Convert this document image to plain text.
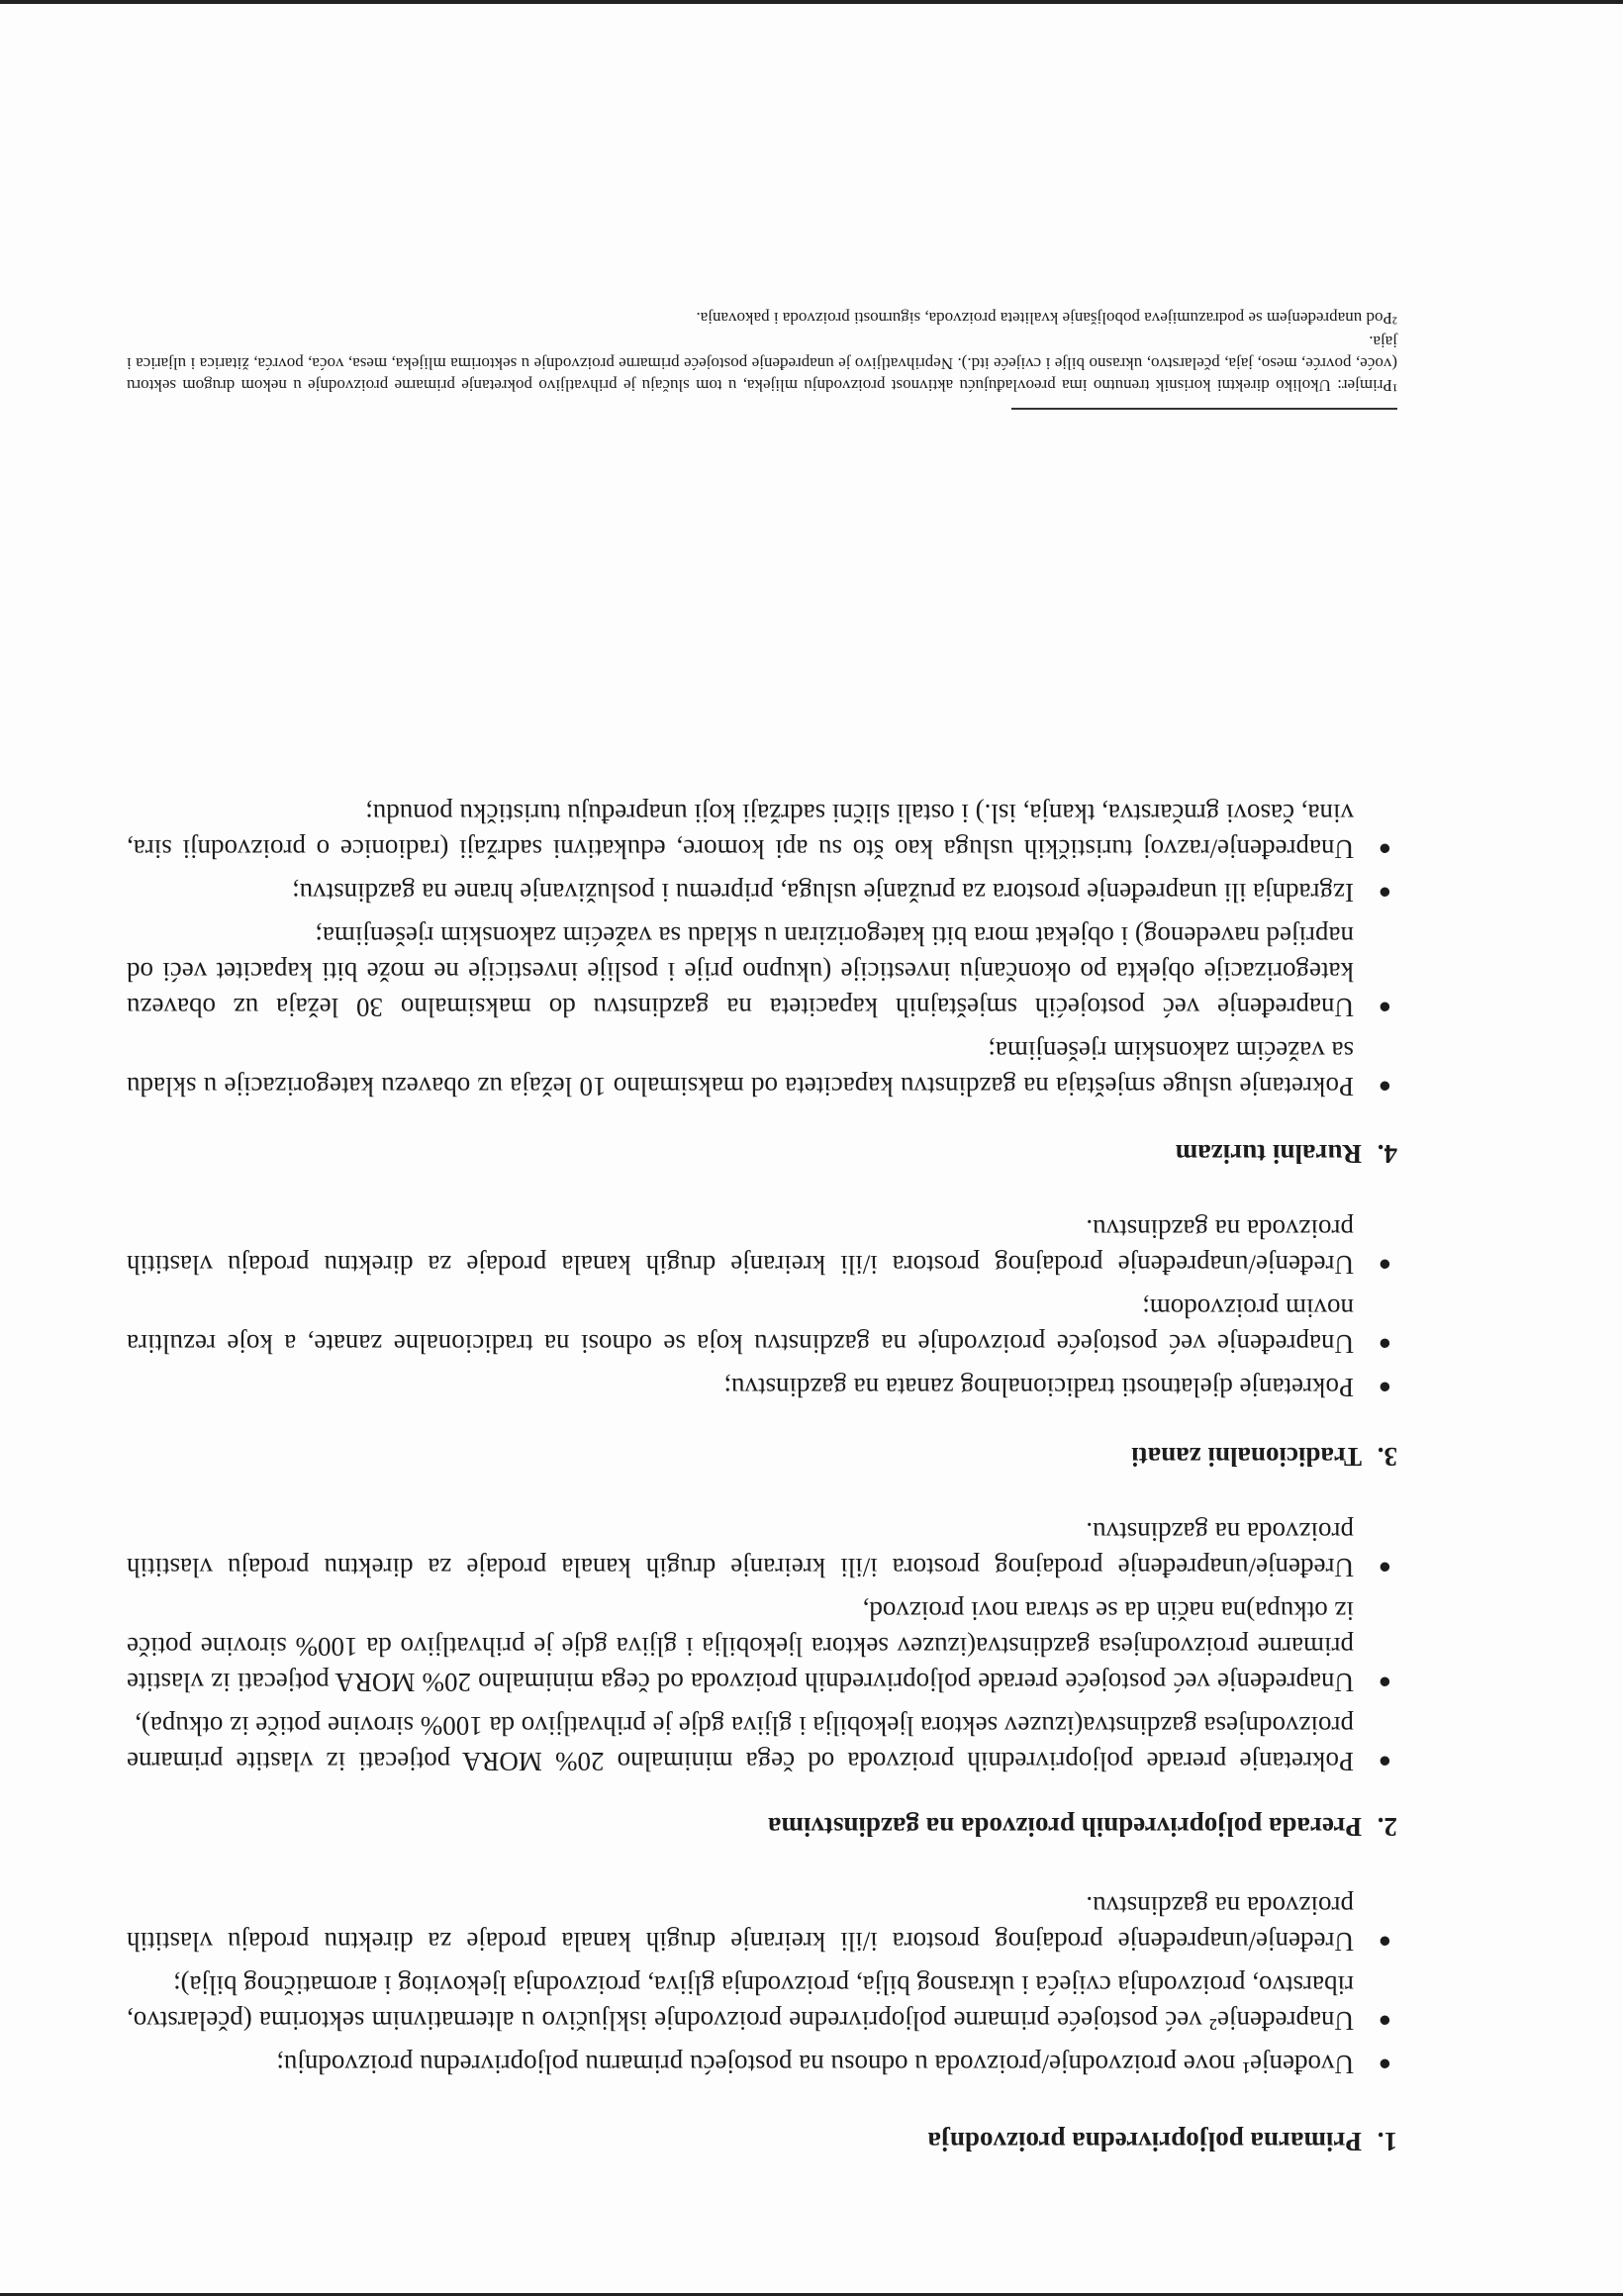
1.
Primarna poljoprivredna proizvodnja
●
Uvođenje¹ nove proizvodnje/proizvoda u odnosu na postojeću primarnu poljoprivrednu proizvodnju;
●
Unapređenje² već postojeće primarne poljoprivredne proizvodnje isključivo u alternativnim sektorima (pčelarstvo, ribarstvo, proizvodnja cvijeća i ukrasnog bilja, proizvodnja gljiva, proizvodnja ljekovitog i aromatičnog bilja);
●
Uređenje/unapređenje prodajnog prostora i/ili kreiranje drugih kanala prodaje za direktnu prodaju vlastitih proizvoda na gazdinstvu.
2.
Prerada poljoprivrednih proizvoda na gazdinstvima
●
Pokretanje prerade poljoprivrednih proizvoda od čega minimalno 20% MORA potjecati iz vlastite primarne proizvodnjesa gazdinstva(izuzev sektora ljekobilja i gljiva gdje je prihvatljivo da 100% sirovine potiče iz otkupa),
●
Unapređenje već postojeće prerade poljoprivrednih proizvoda od čega minimalno 20% MORA potjecati iz vlastite primarne proizvodnjesa gazdinstva(izuzev sektora ljekobilja i gljiva gdje je prihvatljivo da 100% sirovine potiče iz otkupa)na način da se stvara novi proizvod,
●
Uređenje/unapređenje prodajnog prostora i/ili kreiranje drugih kanala prodaje za direktnu prodaju vlastitih proizvoda na gazdinstvu.
3.
Tradicionalni zanati
●
Pokretanje djelatnosti tradicionalnog zanata na gazdinstvu;
●
Unapređenje već postojeće proizvodnje na gazdinstvu koja se odnosi na tradicionalne zanate, a koje rezultira novim proizvodom;
●
Uređenje/unapređenje prodajnog prostora i/ili kreiranje drugih kanala prodaje za direktnu prodaju vlastitih proizvoda na gazdinstvu.
4.
Ruralni turizam
●
Pokretanje usluge smještaja na gazdinstvu kapaciteta od maksimalno 10 ležaja uz obavezu kategorizacije u skladu sa važećim zakonskim rješenjima;
●
Unapređenje već postojećih smještajnih kapaciteta na gazdinstvu do maksimalno 30 ležaja uz obavezu kategorizacije objekta po okončanju investicije (ukupno prije i poslije investicije ne može biti kapacitet veći od naprijed navedenog) i objekat mora biti kategoriziran u skladu sa važećim zakonskim rješenjima;
●
Izgradnja ili unapređenje prostora za pružanje usluga, pripremu i posluživanje hrane na gazdinstvu;
●
Unapređenje/razvoj turističkih usluga kao što su api komore, edukativni sadržaji (radionice o proizvodnji sira, vina, časovi grnčarstva, tkanja, isl.) i ostali slični sadržaji koji unapređuju turističku ponudu;

¹Primjer: Ukoliko direktni korisnik trenutno ima preovlađujuću aktivnost proizvodnju mlijeka, u tom slučaju je prihvatljivo pokretanje primarne proizvodnje u nekom drugom sektoru (voće, povrće, meso, jaja, pčelarstvo, ukrasno bilje i cvijeće itd.). Neprihvatljivo je unapređenje postojeće primarne proizvodnje u sektorima mlijeka, mesa, voća, povrća, žitarica i uljarica i jaja.

²Pod unapređenjem se podrazumijeva poboljšanje kvaliteta proizvoda, sigurnosti proizvoda i pakovanja.
